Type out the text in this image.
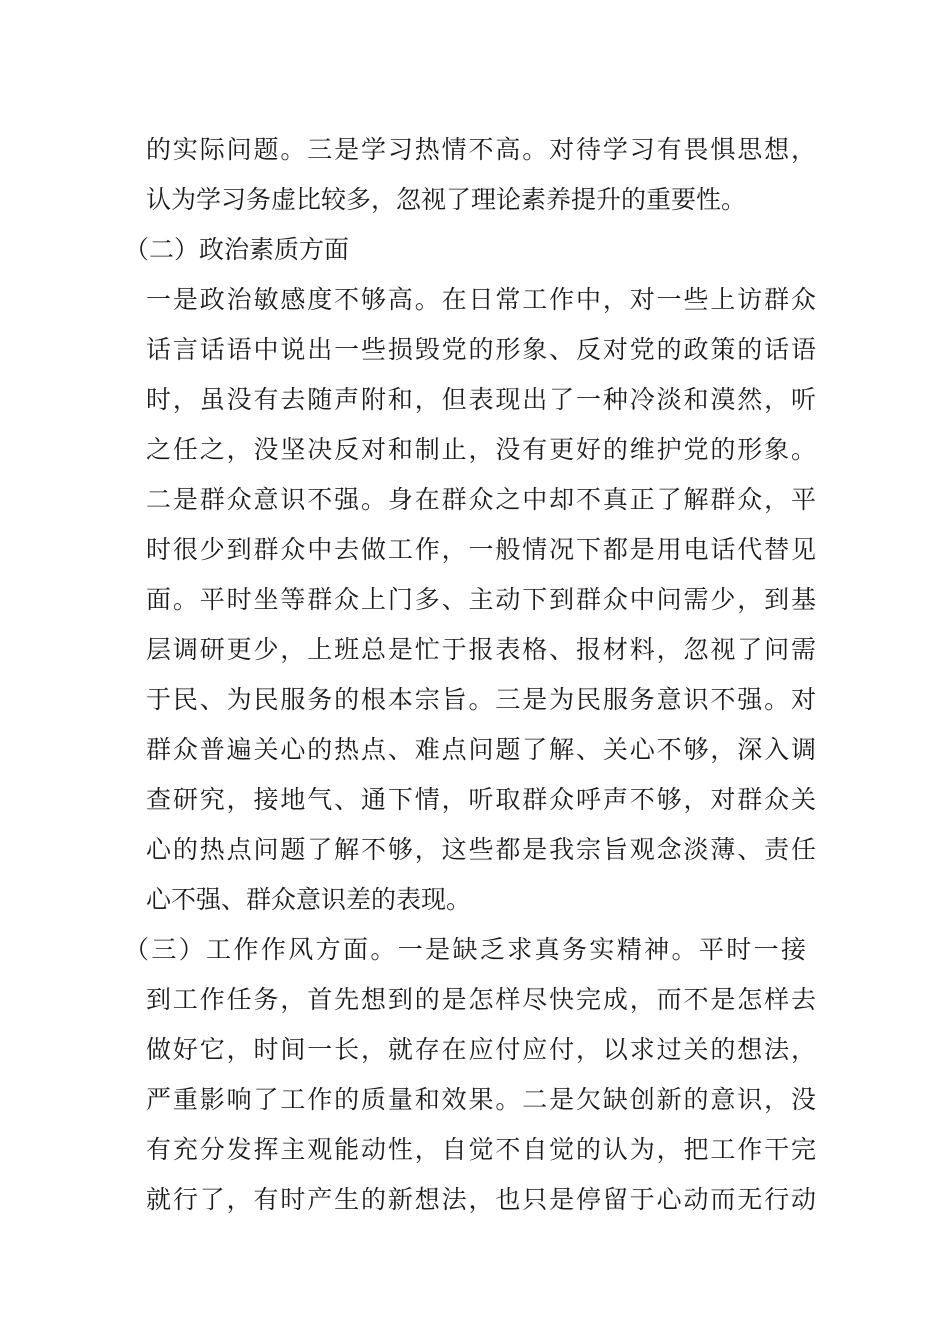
的实际问题。三是学习热情不高。对待学习有畏惧思想，
认为学习务虚比较多，忽视了理论素养提升的重要性。
（二）政治素质方面
一是政治敏感度不够高。在日常工作中，对一些上访群众
话言话语中说出一些损毁党的形象、反对党的政策的话语
时，虽没有去随声附和，但表现出了一种冷淡和漠然，听
之任之，没坚决反对和制止，没有更好的维护党的形象。
二是群众意识不强。身在群众之中却不真正了解群众，平
时很少到群众中去做工作，一般情况下都是用电话代替见
面。平时坐等群众上门多、主动下到群众中问需少，到基
层调研更少，上班总是忙于报表格、报材料，忽视了问需
于民、为民服务的根本宗旨。三是为民服务意识不强。对
群众普遍关心的热点、难点问题了解、关心不够，深入调
查研究，接地气、通下情，听取群众呼声不够，对群众关
心的热点问题了解不够，这些都是我宗旨观念淡薄、责任
心不强、群众意识差的表现。
（三）工作作风方面。一是缺乏求真务实精神。平时一接
到工作任务，首先想到的是怎样尽快完成，而不是怎样去
做好它，时间一长，就存在应付应付，以求过关的想法，
严重影响了工作的质量和效果。二是欠缺创新的意识，没
有充分发挥主观能动性，自觉不自觉的认为，把工作干完
就行了，有时产生的新想法，也只是停留于心动而无行动
